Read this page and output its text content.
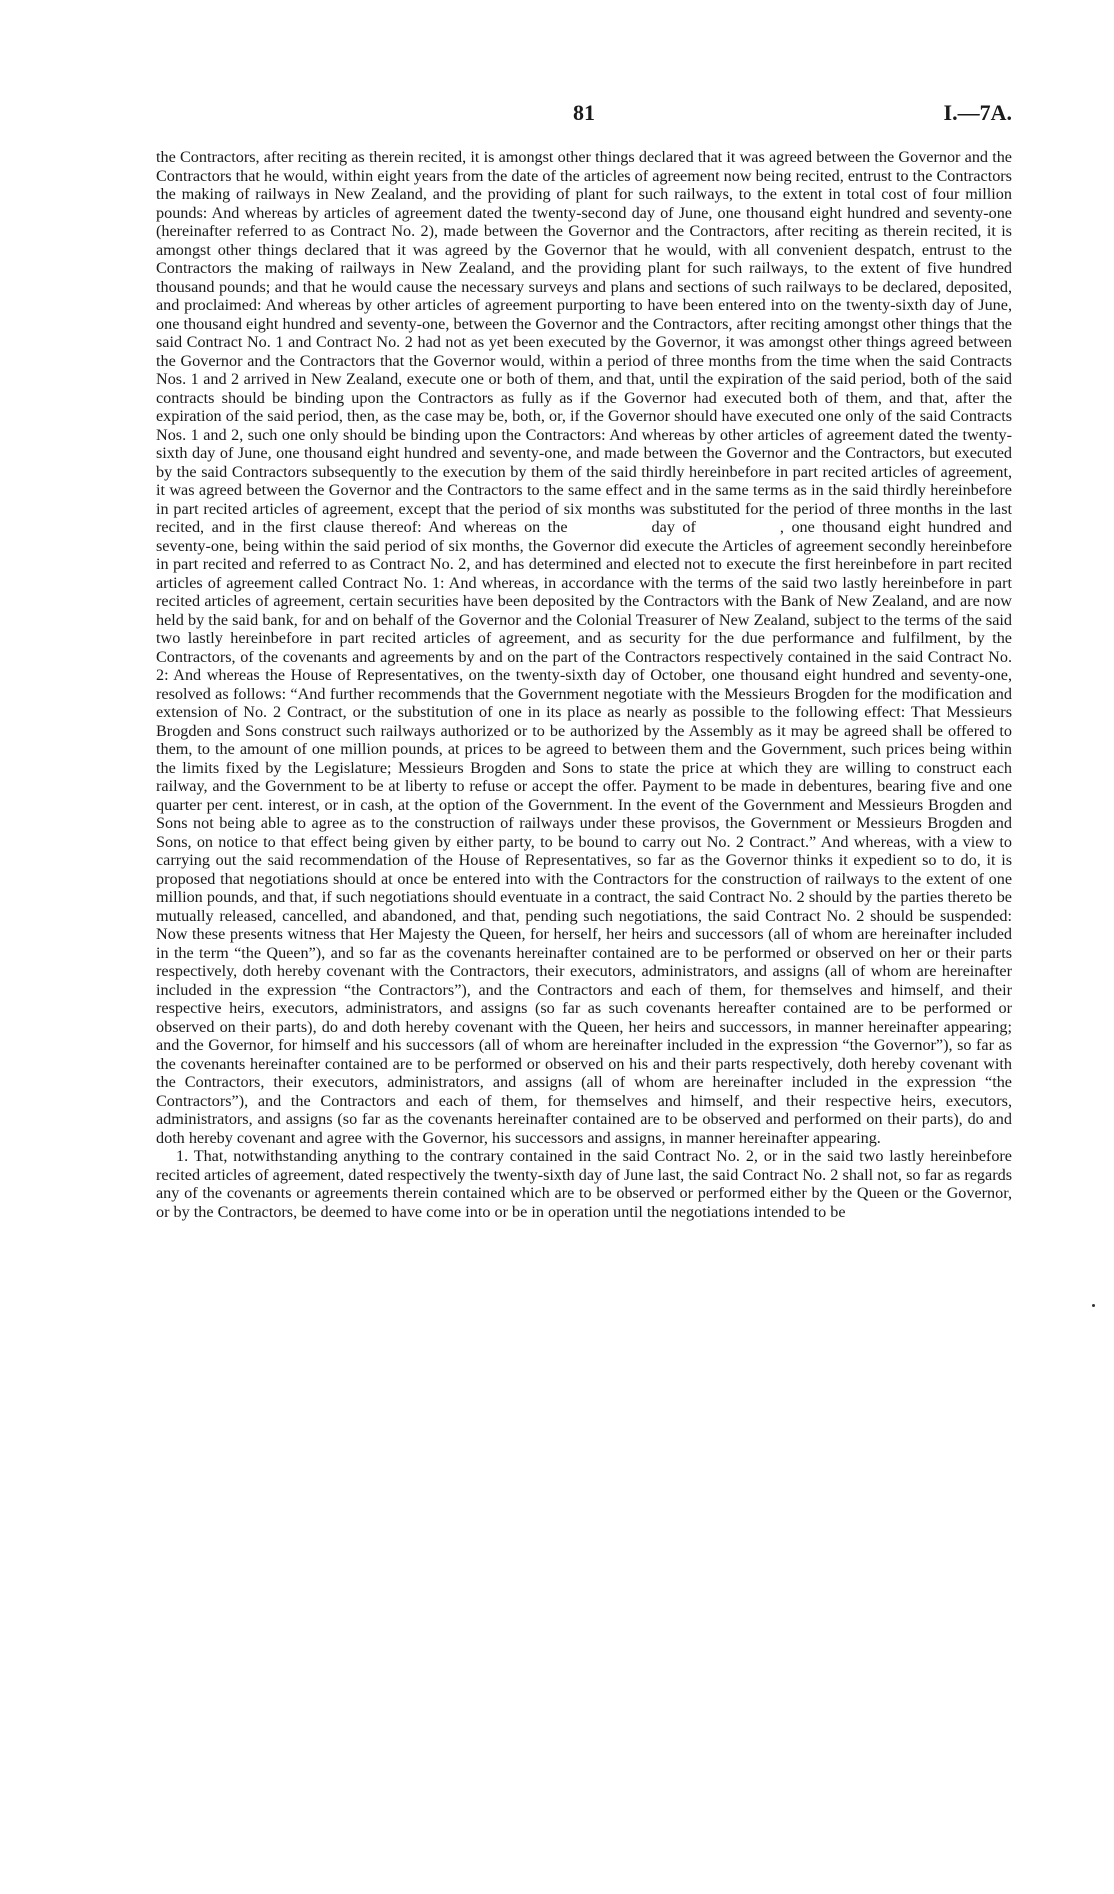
81	I.—7A.

the Contractors, after reciting as therein recited, it is amongst other things declared that it was agreed between the Governor and the Contractors that he would, within eight years from the date of the articles of agreement now being recited, entrust to the Contractors the making of railways in New Zealand, and the providing of plant for such railways, to the extent in total cost of four million pounds: And whereas by articles of agreement dated the twenty-second day of June, one thousand eight hundred and seventy-one (hereinafter referred to as Contract No. 2), made between the Governor and the Contractors, after reciting as therein recited, it is amongst other things declared that it was agreed by the Governor that he would, with all convenient despatch, entrust to the Contractors the making of railways in New Zealand, and the providing plant for such railways, to the extent of five hundred thousand pounds; and that he would cause the necessary surveys and plans and sections of such railways to be declared, deposited, and proclaimed: And whereas by other articles of agreement purporting to have been entered into on the twenty-sixth day of June, one thousand eight hundred and seventy-one, between the Governor and the Contractors, after reciting amongst other things that the said Contract No. 1 and Contract No. 2 had not as yet been executed by the Governor, it was amongst other things agreed between the Governor and the Contractors that the Governor would, within a period of three months from the time when the said Contracts Nos. 1 and 2 arrived in New Zealand, execute one or both of them, and that, until the expiration of the said period, both of the said contracts should be binding upon the Contractors as fully as if the Governor had executed both of them, and that, after the expiration of the said period, then, as the case may be, both, or, if the Governor should have executed one only of the said Contracts Nos. 1 and 2, such one only should be binding upon the Contractors: And whereas by other articles of agreement dated the twenty-sixth day of June, one thousand eight hundred and seventy-one, and made between the Governor and the Contractors, but executed by the said Contractors subsequently to the execution by them of the said thirdly hereinbefore in part recited articles of agreement, it was agreed between the Governor and the Contractors to the same effect and in the same terms as in the said thirdly hereinbefore in part recited articles of agreement, except that the period of six months was substituted for the period of three months in the last recited, and in the first clause thereof: And whereas on the	day of	, one thousand eight hundred and seventy-one, being within the said period of six months, the Governor did execute the Articles of agreement secondly hereinbefore in part recited and referred to as Contract No. 2, and has determined and elected not to execute the first hereinbefore in part recited articles of agreement called Contract No. 1: And whereas, in accordance with the terms of the said two lastly hereinbefore in part recited articles of agreement, certain securities have been deposited by the Contractors with the Bank of New Zealand, and are now held by the said bank, for and on behalf of the Governor and the Colonial Treasurer of New Zealand, subject to the terms of the said two lastly hereinbefore in part recited articles of agreement, and as security for the due performance and fulfilment, by the Contractors, of the covenants and agreements by and on the part of the Contractors respectively contained in the said Contract No. 2: And whereas the House of Representatives, on the twenty-sixth day of October, one thousand eight hundred and seventy-one, resolved as follows: “And further recommends that the Government negotiate with the Messieurs Brogden for the modification and extension of No. 2 Contract, or the substitution of one in its place as nearly as possible to the following effect: That Messieurs Brogden and Sons construct such railways authorized or to be authorized by the Assembly as it may be agreed shall be offered to them, to the amount of one million pounds, at prices to be agreed to between them and the Government, such prices being within the limits fixed by the Legislature; Messieurs Brogden and Sons to state the price at which they are willing to construct each railway, and the Government to be at liberty to refuse or accept the offer. Payment to be made in debentures, bearing five and one quarter per cent. interest, or in cash, at the option of the Government. In the event of the Government and Messieurs Brogden and Sons not being able to agree as to the construction of railways under these provisos, the Government or Messieurs Brogden and Sons, on notice to that effect being given by either party, to be bound to carry out No. 2 Contract.” And whereas, with a view to carrying out the said recommendation of the House of Representatives, so far as the Governor thinks it expedient so to do, it is proposed that negotiations should at once be entered into with the Contractors for the construction of railways to the extent of one million pounds, and that, if such negotiations should eventuate in a contract, the said Contract No. 2 should by the parties thereto be mutually released, cancelled, and abandoned, and that, pending such negotiations, the said Contract No. 2 should be suspended: Now these presents witness that Her Majesty the Queen, for herself, her heirs and successors (all of whom are hereinafter included in the term “the Queen”), and so far as the covenants hereinafter contained are to be performed or observed on her or their parts respectively, doth hereby covenant with the Contractors, their executors, administrators, and assigns (all of whom are hereinafter included in the expression “the Contractors”), and the Contractors and each of them, for themselves and himself, and their respective heirs, executors, administrators, and assigns (so far as such covenants hereafter contained are to be performed or observed on their parts), do and doth hereby covenant with the Queen, her heirs and successors, in manner hereinafter appearing; and the Governor, for himself and his successors (all of whom are hereinafter included in the expression “the Governor”), so far as the covenants hereinafter contained are to be performed or observed on his and their parts respectively, doth hereby covenant with the Contractors, their executors, administrators, and assigns (all of whom are hereinafter included in the expression “the Contractors”), and the Contractors and each of them, for themselves and himself, and their respective heirs, executors, administrators, and assigns (so far as the covenants hereinafter contained are to be observed and performed on their parts), do and doth hereby covenant and agree with the Governor, his successors and assigns, in manner hereinafter appearing.

1. That, notwithstanding anything to the contrary contained in the said Contract No. 2, or in the said two lastly hereinbefore recited articles of agreement, dated respectively the twenty-sixth day of June last, the said Contract No. 2 shall not, so far as regards any of the covenants or agreements therein contained which are to be observed or performed either by the Queen or the Governor, or by the Contractors, be deemed to have come into or be in operation until the negotiations intended to be
